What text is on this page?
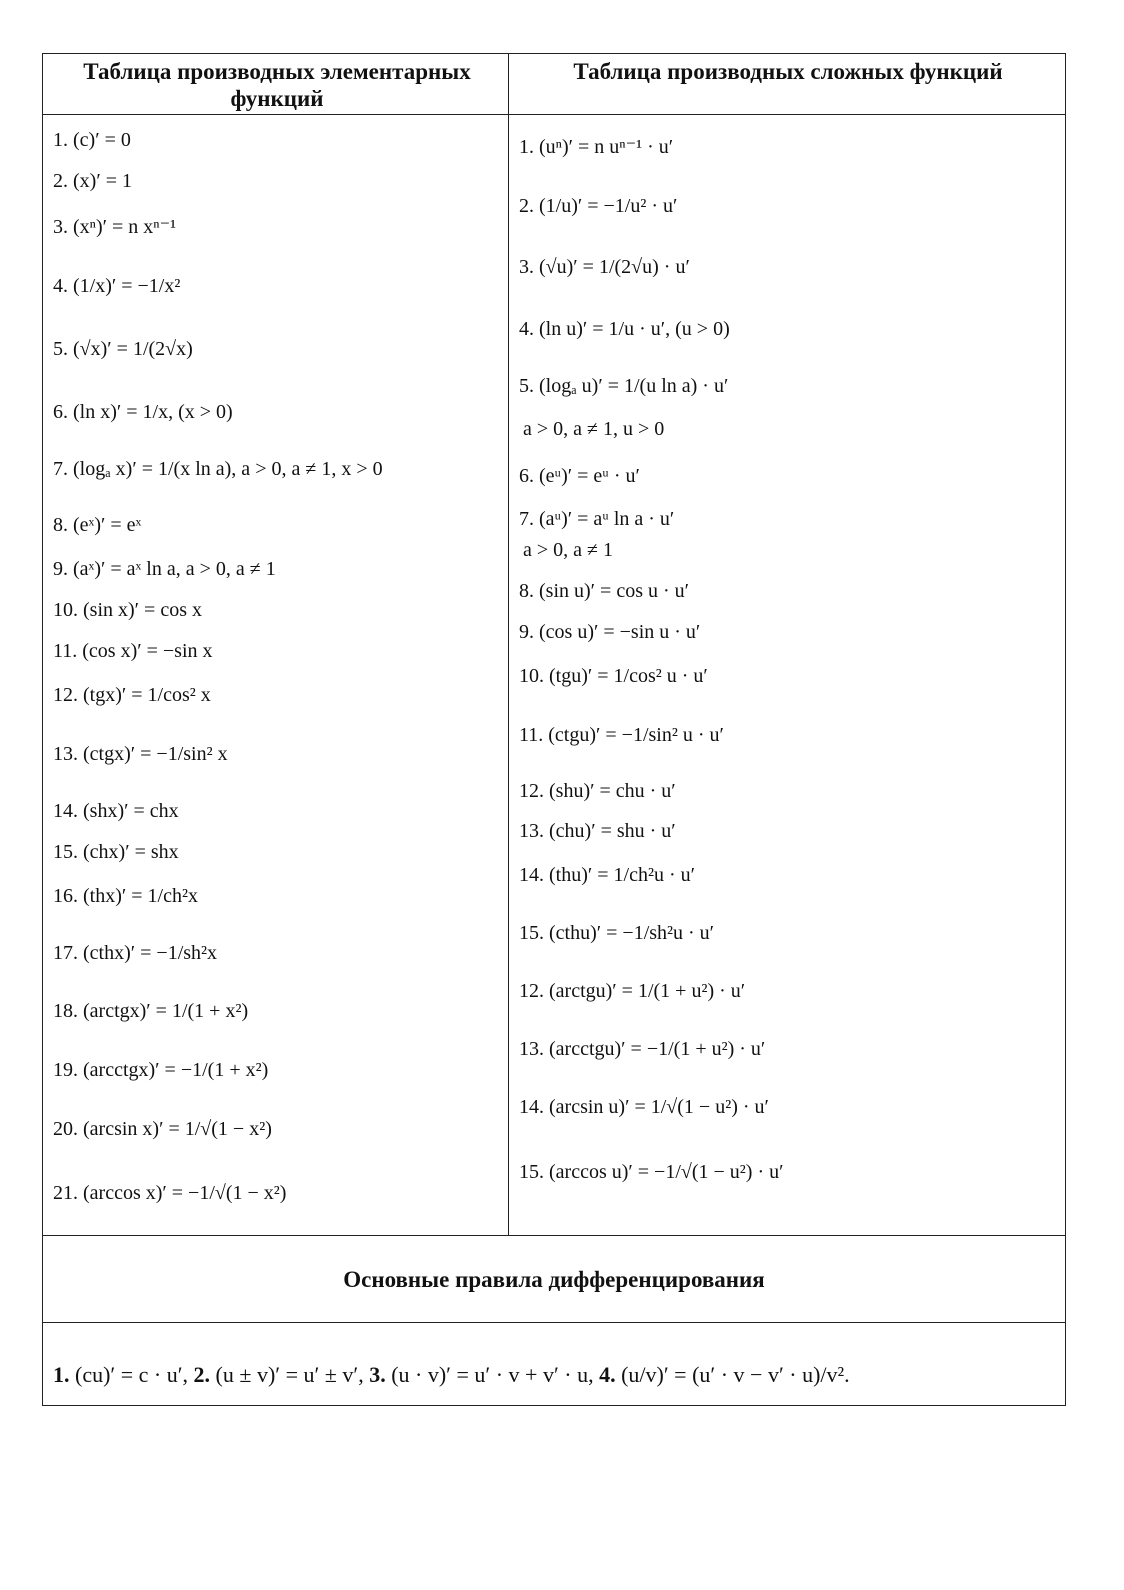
Таблица производных элементарных функций
Таблица производных сложных функций
1. (c)′ = 0
2. (x)′ = 1
3. (xⁿ)′ = n xⁿ⁻¹
4. (1/x)′ = −1/x²
5. (√x)′ = 1/(2√x)
6. (ln x)′ = 1/x, (x > 0)
7. (logₐ x)′ = 1/(x ln a), a > 0, a ≠ 1, x > 0
8. (eˣ)′ = eˣ
9. (aˣ)′ = aˣ ln a, a > 0, a ≠ 1
10. (sin x)′ = cos x
11. (cos x)′ = −sin x
12. (tgx)′ = 1/cos² x
13. (ctgx)′ = −1/sin² x
14. (shx)′ = chx
15. (chx)′ = shx
16. (thx)′ = 1/ch²x
17. (cthx)′ = −1/sh²x
18. (arctgx)′ = 1/(1 + x²)
19. (arcctgx)′ = −1/(1 + x²)
20. (arcsin x)′ = 1/√(1 − x²)
21. (arccos x)′ = −1/√(1 − x²)
1. (uⁿ)′ = n uⁿ⁻¹ · u′
2. (1/u)′ = −1/u² · u′
3. (√u)′ = 1/(2√u) · u′
4. (ln u)′ = 1/u · u′, (u > 0)
5. (logₐ u)′ = 1/(u ln a) · u′
a > 0, a ≠ 1, u > 0
6. (eᵘ)′ = eᵘ · u′
7. (aᵘ)′ = aᵘ ln a · u′
a > 0, a ≠ 1
8. (sin u)′ = cos u · u′
9. (cos u)′ = −sin u · u′
10. (tgu)′ = 1/cos² u · u′
11. (ctgu)′ = −1/sin² u · u′
12. (shu)′ = chu · u′
13. (chu)′ = shu · u′
14. (thu)′ = 1/ch²u · u′
15. (cthu)′ = −1/sh²u · u′
12. (arctgu)′ = 1/(1 + u²) · u′
13. (arcctgu)′ = −1/(1 + u²) · u′
14. (arcsin u)′ = 1/√(1 − u²) · u′
15. (arccos u)′ = −1/√(1 − u²) · u′
Основные правила дифференцирования
1. (cu)′ = c · u′, 2. (u ± v)′ = u′ ± v′, 3. (u · v)′ = u′ · v + v′ · u, 4. (u/v)′ = (u′ · v − v′ · u)/v².
